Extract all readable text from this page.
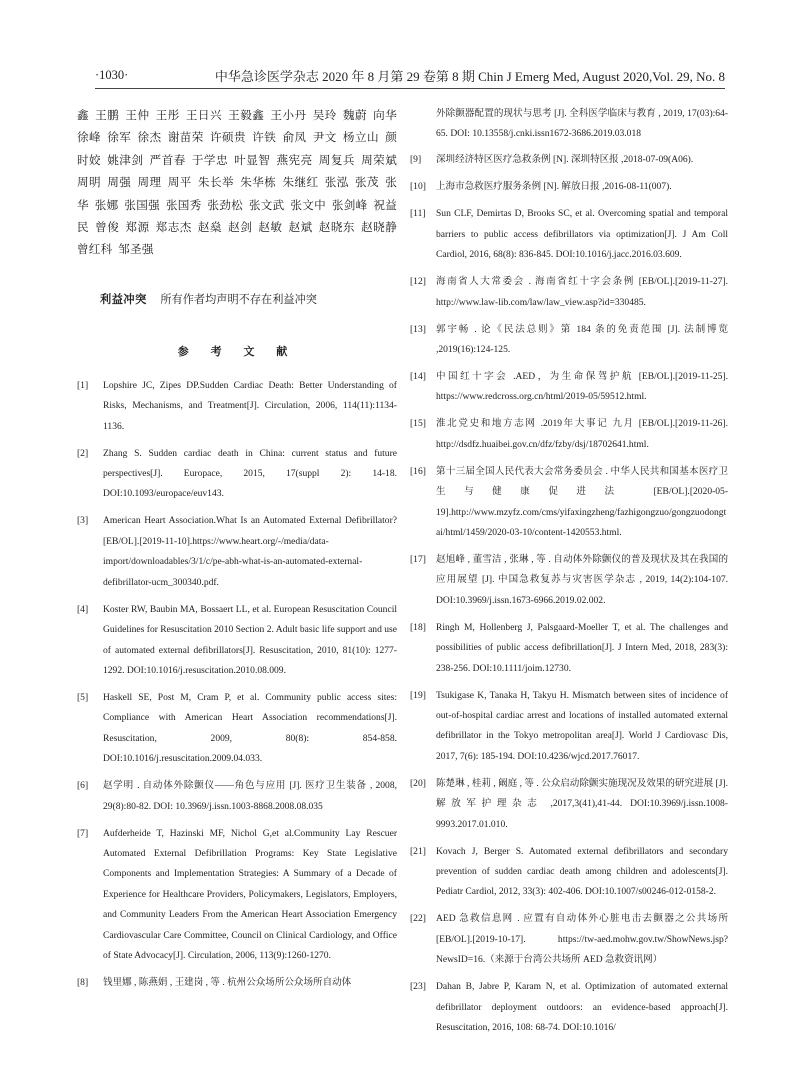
·1030·	中华急诊医学杂志 2020 年 8 月第 29 卷第 8 期 Chin J Emerg Med, August 2020,Vol. 29, No. 8
鑫 王鹏 王仲 王彤 王日兴 王毅鑫 王小丹 吴玲 魏蔚 向华 徐峰 徐军 徐杰 谢苗荣 许硕贵 许铁 俞凤 尹文 杨立山 颜时姣 姚津剑 严首春 于学忠 叶显智 燕宪亮 周复兵 周荣斌 周明 周强 周理 周平 朱长举 朱华栋 朱继红 张泓 张茂 张华 张娜 张国强 张国秀 张劲松 张文武 张文中 张剑峰 祝益民 曾俊 郑源 郑志杰 赵燊 赵剑 赵敏 赵斌 赵晓东 赵晓静 曾红科 邹圣强
利益冲突 所有作者均声明不存在利益冲突
参 考 文 献
[1]	Lopshire JC, Zipes DP.Sudden Cardiac Death: Better Understanding of Risks, Mechanisms, and Treatment[J]. Circulation, 2006, 114(11):1134-1136.
[2]	Zhang S. Sudden cardiac death in China: current status and future perspectives[J]. Europace, 2015, 17(suppl 2): 14-18. DOI:10.1093/europace/euv143.
[3]	American Heart Association.What Is an Automated External Defibrillator?[EB/OL].[2019-11-10].https://www.heart.org/-/media/data-import/downloadables/3/1/c/pe-abh-what-is-an-automated-external-defibrillator-ucm_300340.pdf.
[4]	Koster RW, Baubin MA, Bossaert LL, et al. European Resuscitation Council Guidelines for Resuscitation 2010 Section 2. Adult basic life support and use of automated external defibrillators[J]. Resuscitation, 2010, 81(10): 1277-1292. DOI:10.1016/j.resuscitation.2010.08.009.
[5]	Haskell SE, Post M, Cram P, et al. Community public access sites: Compliance with American Heart Association recommendations[J]. Resuscitation, 2009, 80(8): 854-858. DOI:10.1016/j.resuscitation.2009.04.033.
[6]	赵学明 . 自动体外除颤仪——角色与应用 [J]. 医疗卫生装备 , 2008, 29(8):80-82. DOI: 10.3969/j.issn.1003-8868.2008.08.035
[7]	Aufderheide T, Hazinski MF, Nichol G,et al.Community Lay Rescuer Automated External Defibrillation Programs: Key State Legislative Components and Implementation Strategies: A Summary of a Decade of Experience for Healthcare Providers, Policymakers, Legislators, Employers, and Community Leaders From the American Heart Association Emergency Cardiovascular Care Committee, Council on Clinical Cardiology, and Office of State Advocacy[J]. Circulation, 2006, 113(9):1260-1270.
[8]	钱里娜 , 陈燕娟 , 王建岗 , 等 . 杭州公众场所公众场所自动体
外除颤器配置的现状与思考 [J]. 全科医学临床与教育 , 2019, 17(03):64-65. DOI: 10.13558/j.cnki.issn1672-3686.2019.03.018
[9]	深圳经济特区医疗急救条例 [N]. 深圳特区报 ,2018-07-09(A06).
[10]	上海市急救医疗服务条例 [N]. 解放日报 ,2016-08-11(007).
[11]	Sun CLF, Demirtas D, Brooks SC, et al. Overcoming spatial and temporal barriers to public access defibrillators via optimization[J]. J Am Coll Cardiol, 2016, 68(8): 836-845. DOI:10.1016/j.jacc.2016.03.609.
[12]	海南省人大常委会 . 海南省红十字会条例 [EB/OL].[2019-11-27]. http://www.law-lib.com/law/law_view.asp?id=330485.
[13]	郭宇畅 . 论《民法总则》第 184 条的免责范围 [J]. 法制博览 ,2019(16):124-125.
[14]	中国红十字会 .AED，为生命保驾护航 [EB/OL].[2019-11-25]. https://www.redcross.org.cn/html/2019-05/59512.html.
[15]	淮北党史和地方志网 .2019年大事记 九月 [EB/OL].[2019-11-26]. http://dsdfz.huaibei.gov.cn/dfz/fzby/dsj/18702641.html.
[16]	第十三届全国人民代表大会常务委员会 . 中华人民共和国基本医疗卫生与健康促进法 [EB/OL].[2020-05-19].http://www.mzyfz.com/cms/yifaxingzheng/fazhigongzuo/gongzuodongtai/html/1459/2020-03-10/content-1420553.html.
[17]	赵旭峰 , 董雪洁 , 张琳 , 等 . 自动体外除颤仪的普及现状及其在我国的应用展望 [J]. 中国急救复苏与灾害医学杂志 , 2019, 14(2):104-107. DOI:10.3969/j.issn.1673-6966.2019.02.002.
[18]	Ringh M, Hollenberg J, Palsgaard-Moeller T, et al. The challenges and possibilities of public access defibrillation[J]. J Intern Med, 2018, 283(3): 238-256. DOI:10.1111/joim.12730.
[19]	Tsukigase K, Tanaka H, Takyu H. Mismatch between sites of incidence of out-of-hospital cardiac arrest and locations of installed automated external defibrillator in the Tokyo metropolitan area[J]. World J Cardiovasc Dis, 2017, 7(6): 185-194. DOI:10.4236/wjcd.2017.76017.
[20]	陈楚琳 , 桂莉 , 阚庭 , 等 . 公众启动除颤实施现况及效果的研究进展 [J]. 解放军护理杂志 ,2017,3(41),41-44. DOI:10.3969/j.issn.1008-9993.2017.01.010.
[21]	Kovach J, Berger S. Automated external defibrillators and secondary prevention of sudden cardiac death among children and adolescents[J]. Pediatr Cardiol, 2012, 33(3): 402-406. DOI:10.1007/s00246-012-0158-2.
[22]	AED 急救信息网 . 应置有自动体外心脏电击去颤器之公共场所 [EB/OL].[2019-10-17]. https://tw-aed.mohw.gov.tw/ShowNews.jsp?NewsID=16.（来源于台湾公共场所 AED 急救资讯网）
[23]	Dahan B, Jabre P, Karam N, et al. Optimization of automated external defibrillator deployment outdoors: an evidence-based approach[J]. Resuscitation, 2016, 108: 68-74. DOI:10.1016/
